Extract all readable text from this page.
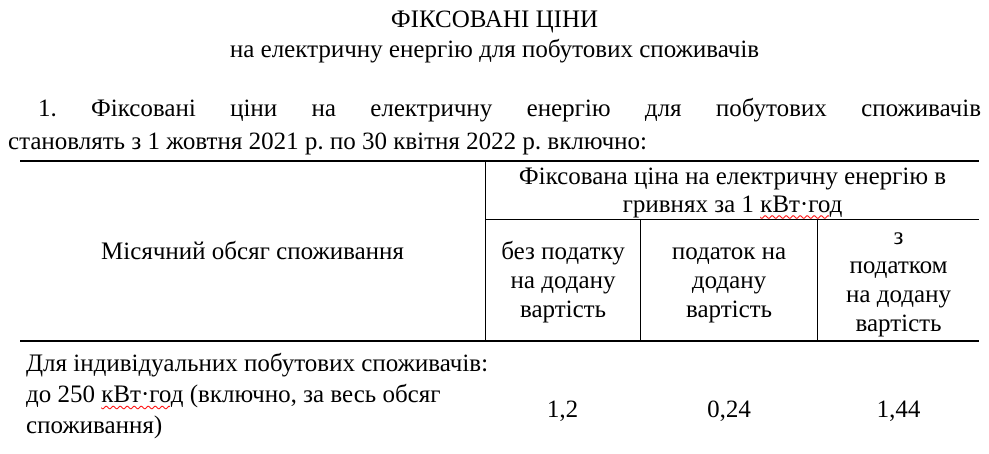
ФІКСОВАНІ ЦІНИ
на електричну енергію для побутових споживачів
1. Фіксовані ціни на електричну енергію для побутових споживачів
становлять з 1 жовтня 2021 р. по 30 квітня 2022 р. включно:
Місячний обсяг споживання
Фіксована ціна на електричну енергію в
гривнях за 1 кВт·год
без податку
на додану
вартість
податок на
додану
вартість
з
податком
на додану
вартість
Для індивідуальних побутових споживачів:
до 250 кВт·год (включно, за весь обсяг
споживання)
1,2	0,24	1,44
